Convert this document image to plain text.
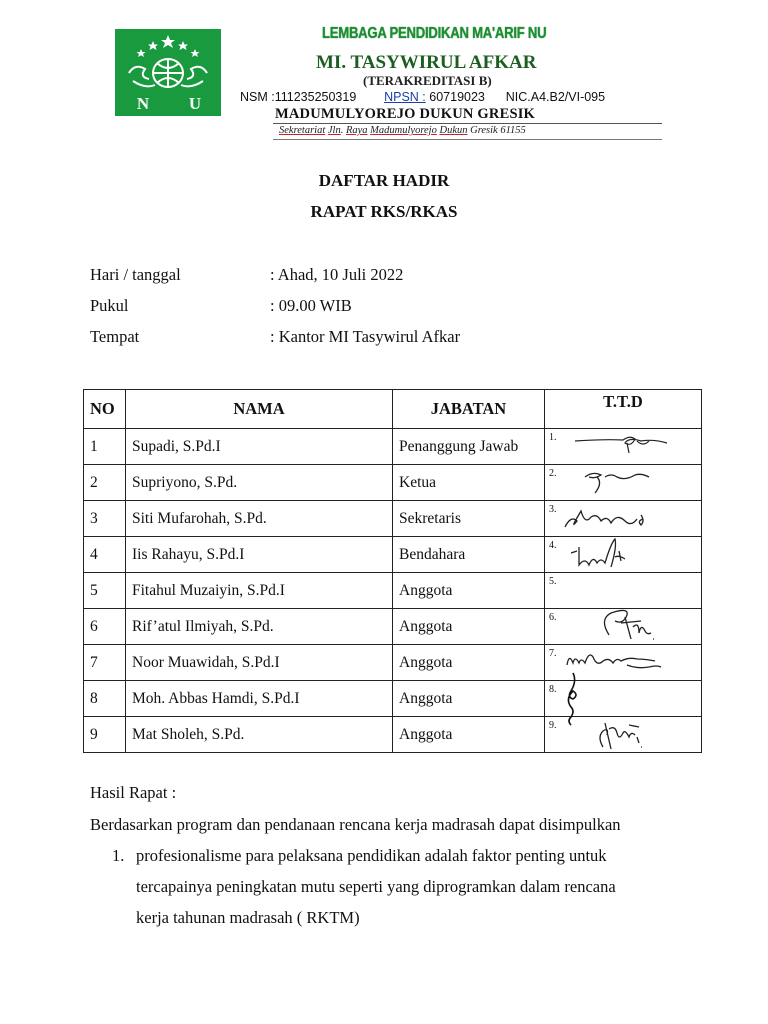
N U
LEMBAGA PENDIDIKAN MA'ARIF NU
MI. TASYWIRUL AFKAR
(TERAKREDITASI B)
NSM :111235250319 NPSN : 60719023 NIC.A4.B2/VI-095
MADUMULYOREJO DUKUN GRESIK
Sekretariat Jln. Raya Madumulyorejo Dukun Gresik 61155
DAFTAR HADIR
RAPAT RKS/RKAS
Hari / tanggal	: Ahad, 10 Juli 2022
Pukul	: 09.00 WIB
Tempat	: Kantor MI Tasywirul Afkar
NO	NAMA	JABATAN	T.T.D
1	Supadi, S.Pd.I	Penanggung Jawab	1.

2	Supriyono, S.Pd.	Ketua	2.

3	Siti Mufarohah, S.Pd.	Sekretaris	3.

4	Iis Rahayu, S.Pd.I	Bendahara	4.

5	Fitahul Muzaiyin, S.Pd.I	Anggota	5.

6	Rif’atul Ilmiyah, S.Pd.	Anggota	6.

7	Noor Muawidah, S.Pd.I	Anggota	7.

8	Moh. Abbas Hamdi, S.Pd.I	Anggota	8.

9	Mat Sholeh, S.Pd.	Anggota	9.
Hasil Rapat :
Berdasarkan program dan pendanaan rencana kerja madrasah dapat disimpulkan
1. profesionalisme para pelaksana pendidikan adalah faktor penting untuk
tercapainya peningkatan mutu seperti yang diprogramkan dalam rencana
kerja tahunan madrasah ( RKTM)
